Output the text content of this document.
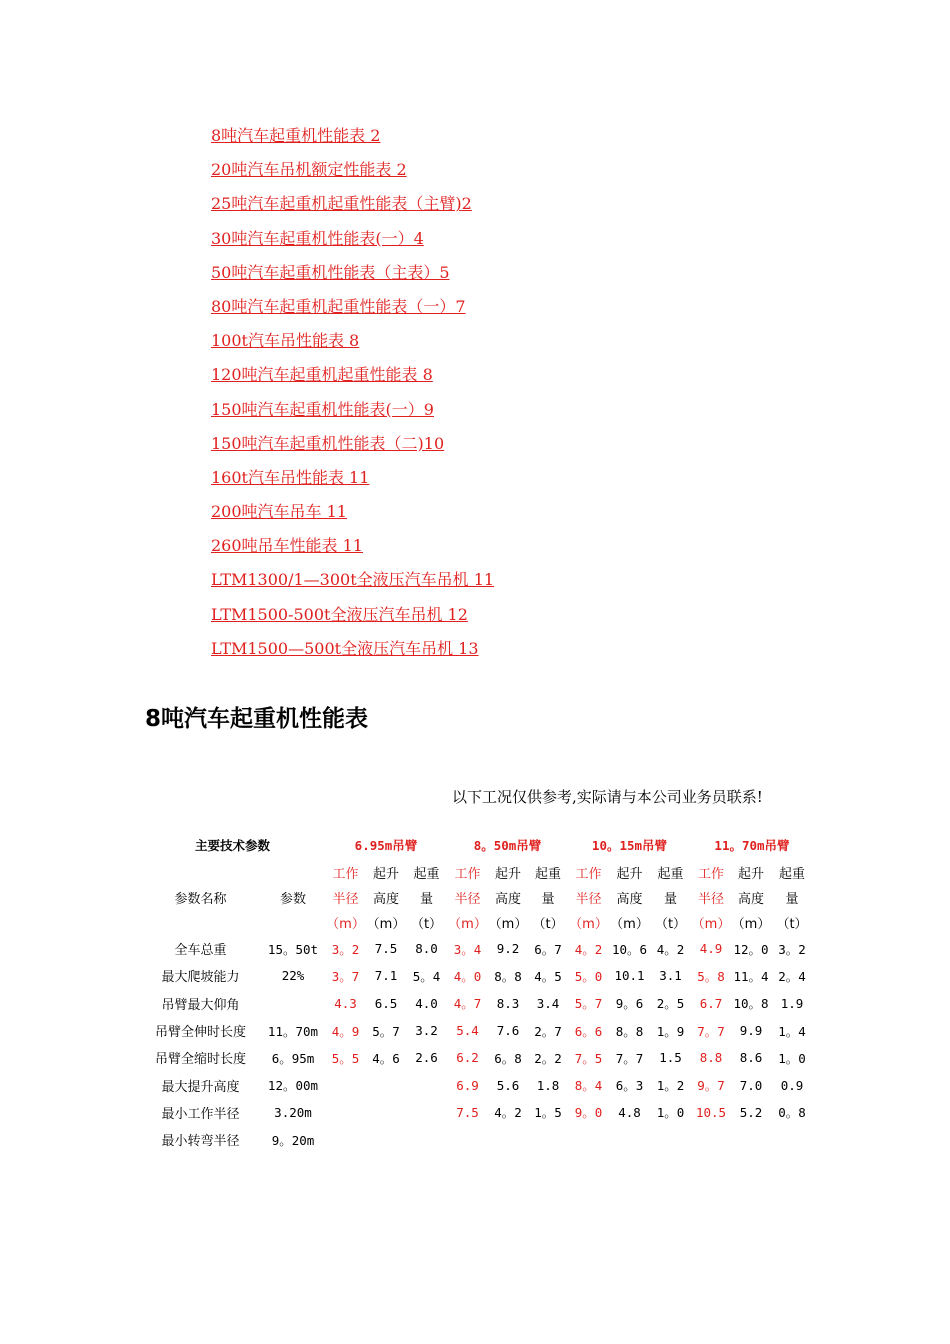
8吨汽车起重机性能表 2
20吨汽车吊机额定性能表 2
25吨汽车起重机起重性能表（主臂)2
30吨汽车起重机性能表(一）4
50吨汽车起重机性能表（主表）5
80吨汽车起重机起重性能表（一）7
100t汽车吊性能表 8
120吨汽车起重机起重性能表 8
150吨汽车起重机性能表(一）9
150吨汽车起重机性能表（二)10
160t汽车吊性能表 11
200吨汽车吊车 11
260吨吊车性能表 11
LTM1300/1—300t全液压汽车吊机 11
LTM1500-500t全液压汽车吊机 12
LTM1500—500t全液压汽车吊机 13
8吨汽车起重机性能表
以下工况仅供参考,实际请与本公司业务员联系!
主要技术参数		6.95m吊臂			8。50m吊臂			10。15m吊臂			11。70m吊臂		
参数名称	参数	工作	起升	起重	工作	起升	起重	工作	起升	起重	工作	起升	起重
		半径	高度	量	半径	高度	量	半径	高度	量	半径	高度	量
		（m）	（m）	（t）	（m）	（m）	（t）	（m）	（m）	（t）	（m）	（m）	（t）
全车总重	15。50t	3。2	7.5	8.0	3。4	9.2	6。7	4。2	10。6	4。2	4.9	12。0	3。2
最大爬坡能力	22%	3。7	7.1	5。4	4。0	8。8	4。5	5。0	10.1	3.1	5。8	11。4	2。4
吊臂最大仰角		4.3	6.5	4.0	4。7	8.3	3.4	5。7	9。6	2。5	6.7	10。8	1.9
吊臂全伸时长度	11。70m	4。9	5。7	3.2	5.4	7.6	2。7	6。6	8。8	1。9	7。7	9.9	1。4
吊臂全缩时长度	6。95m	5。5	4。6	2.6	6.2	6。8	2。2	7。5	7。7	1.5	8.8	8.6	1。0
最大提升高度	12。00m				6.9	5.6	1.8	8。4	6。3	1。2	9。7	7.0	0.9
最小工作半径	3.20m				7.5	4。2	1。5	9。0	4.8	1。0	10.5	5.2	0。8
最小转弯半径	9。20m												
